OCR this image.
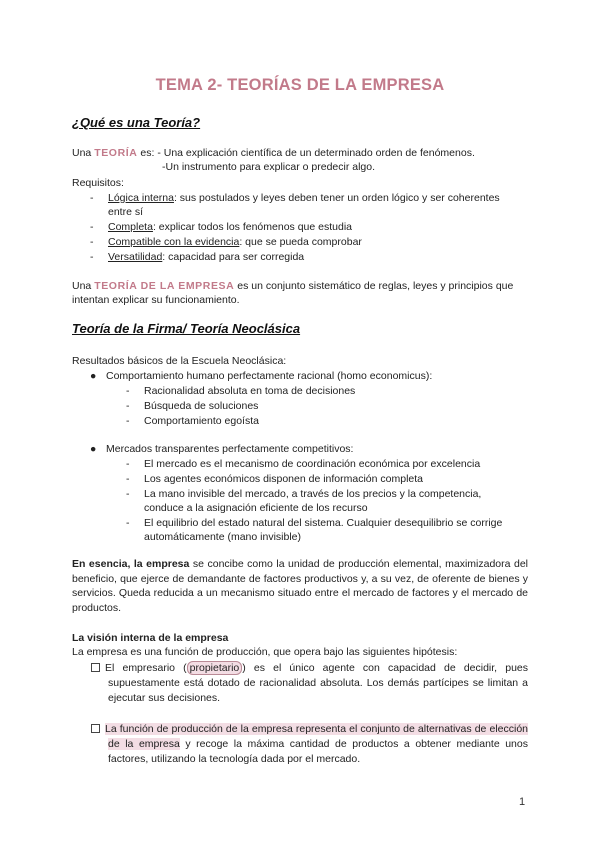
TEMA 2- TEORÍAS DE LA EMPRESA
¿Qué es una Teoría?
Una TEORÍA es: - Una explicación científica de un determinado orden de fenómenos.
-Un instrumento para explicar o predecir algo.
Requisitos:
- Lógica interna: sus postulados y leyes deben tener un orden lógico y ser coherentes
entre sí
- Completa: explicar todos los fenómenos que estudia
- Compatible con la evidencia: que se pueda comprobar
- Versatilidad: capacidad para ser corregida
Una TEORÍA DE LA EMPRESA es un conjunto sistemático de reglas, leyes y principios que
intentan explicar su funcionamiento.
Teoría de la Firma/ Teoría Neoclásica
Resultados básicos de la Escuela Neoclásica:
● Comportamiento humano perfectamente racional (homo economicus):
- Racionalidad absoluta en toma de decisiones
- Búsqueda de soluciones
- Comportamiento egoísta
● Mercados transparentes perfectamente competitivos:
- El mercado es el mecanismo de coordinación económica por excelencia
- Los agentes económicos disponen de información completa
- La mano invisible del mercado, a través de los precios y la competencia,
conduce a la asignación eficiente de los recurso
- El equilibrio del estado natural del sistema. Cualquier desequilibrio se corrige
automáticamente (mano invisible)

En esencia, la empresa se concibe como la unidad de producción elemental, maximizadora del beneficio, que ejerce de demandante de factores productivos y, a su vez, de oferente de bienes y servicios. Queda reducida a un mecanismo situado entre el mercado de factores y el mercado de productos.

La visión interna de la empresa
La empresa es una función de producción, que opera bajo las siguientes hipótesis:

El empresario ( propietario ) es el único agente con capacidad de decidir, pues supuestamente está dotado de racionalidad absoluta. Los demás partícipes se limitan a ejecutar sus decisiones.

La función de producción de la empresa representa el conjunto de alternativas de elección de la empresa y recoge la máxima cantidad de productos a obtener mediante unos factores, utilizando la tecnología dada por el mercado.

1
